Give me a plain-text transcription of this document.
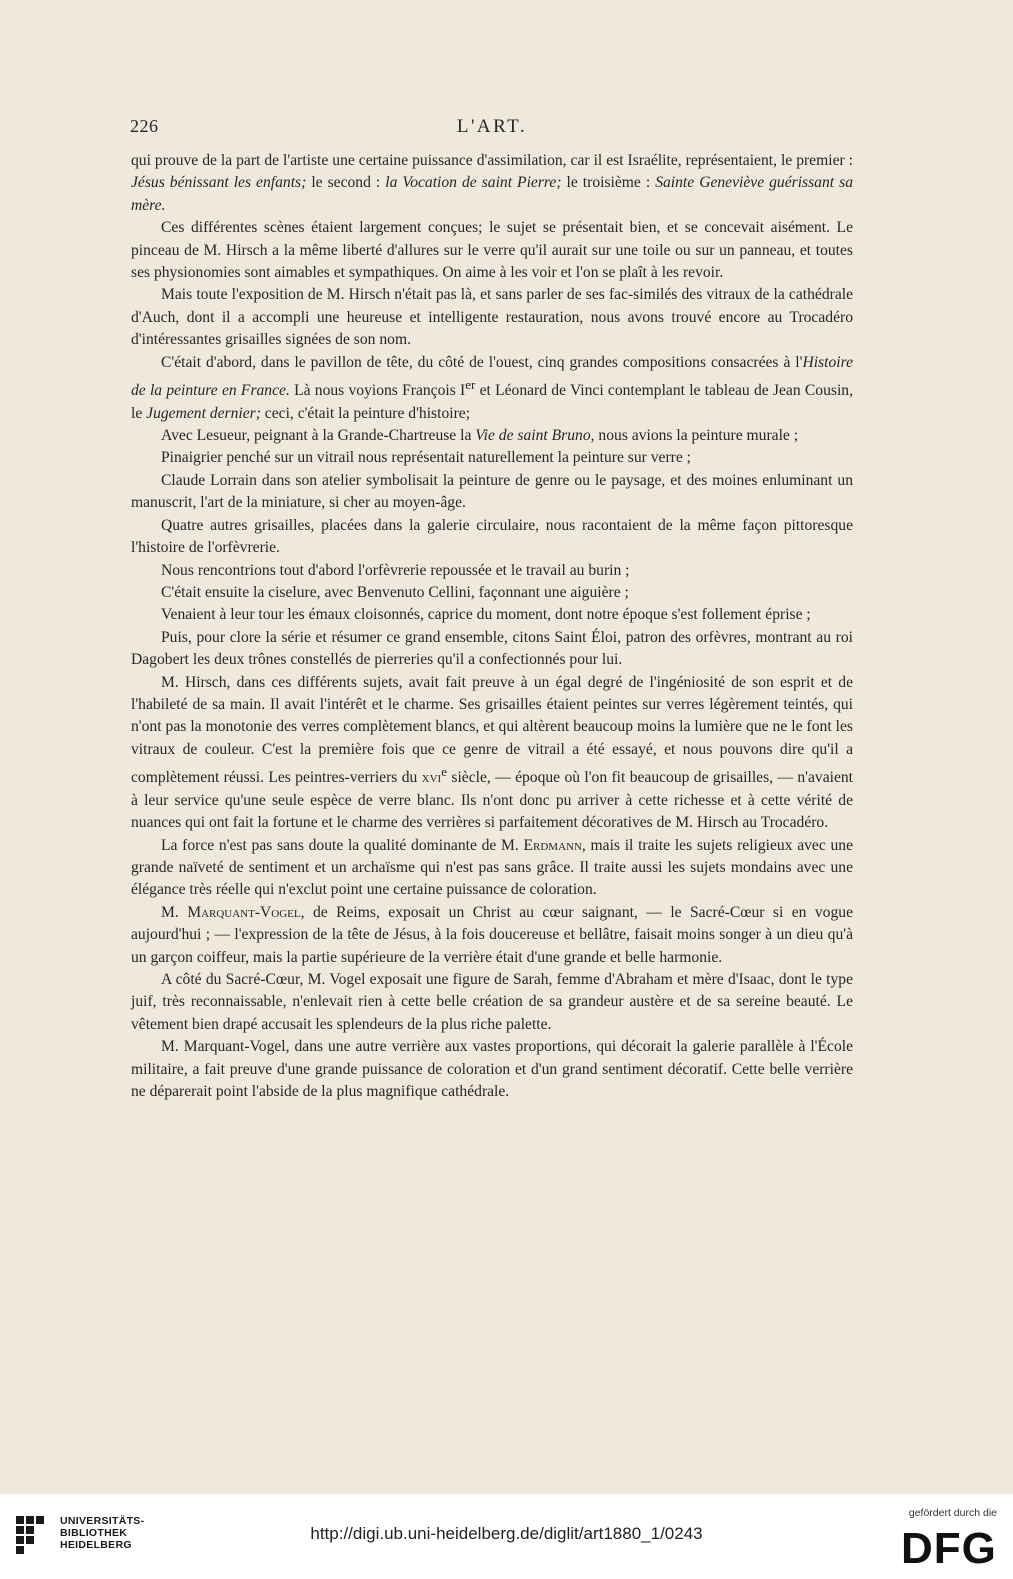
226	L'ART.

qui prouve de la part de l'artiste une certaine puissance d'assimilation, car il est Israélite, représentaient, le premier : Jésus bénissant les enfants; le second : la Vocation de saint Pierre; le troisième : Sainte Geneviève guérissant sa mère.

Ces différentes scènes étaient largement conçues; le sujet se présentait bien, et se concevait aisément. Le pinceau de M. Hirsch a la même liberté d'allures sur le verre qu'il aurait sur une toile ou sur un panneau, et toutes ses physionomies sont aimables et sympathiques. On aime à les voir et l'on se plaît à les revoir.

Mais toute l'exposition de M. Hirsch n'était pas là, et sans parler de ses fac-similés des vitraux de la cathédrale d'Auch, dont il a accompli une heureuse et intelligente restauration, nous avons trouvé encore au Trocadéro d'intéressantes grisailles signées de son nom.

C'était d'abord, dans le pavillon de tête, du côté de l'ouest, cinq grandes compositions consacrées à l'Histoire de la peinture en France. Là nous voyions François Ier et Léonard de Vinci contemplant le tableau de Jean Cousin, le Jugement dernier; ceci, c'était la peinture d'histoire;

Avec Lesueur, peignant à la Grande-Chartreuse la Vie de saint Bruno, nous avions la peinture murale ;

Pinaigrier penché sur un vitrail nous représentait naturellement la peinture sur verre ;

Claude Lorrain dans son atelier symbolisait la peinture de genre ou le paysage, et des moines enluminant un manuscrit, l'art de la miniature, si cher au moyen-âge.

Quatre autres grisailles, placées dans la galerie circulaire, nous racontaient de la même façon pittoresque l'histoire de l'orfèvrerie.

Nous rencontrions tout d'abord l'orfèvrerie repoussée et le travail au burin ;

C'était ensuite la ciselure, avec Benvenuto Cellini, façonnant une aiguière ;

Venaient à leur tour les émaux cloisonnés, caprice du moment, dont notre époque s'est follement éprise ;

Puis, pour clore la série et résumer ce grand ensemble, citons Saint Éloi, patron des orfèvres, montrant au roi Dagobert les deux trônes constellés de pierreries qu'il a confectionnés pour lui.

M. Hirsch, dans ces différents sujets, avait fait preuve à un égal degré de l'ingéniosité de son esprit et de l'habileté de sa main. Il avait l'intérêt et le charme. Ses grisailles étaient peintes sur verres légèrement teintés, qui n'ont pas la monotonie des verres complètement blancs, et qui altèrent beaucoup moins la lumière que ne le font les vitraux de couleur. C'est la première fois que ce genre de vitrail a été essayé, et nous pouvons dire qu'il a complètement réussi. Les peintres-verriers du xvi$^e$ siècle, — époque où l'on fit beaucoup de grisailles, — n'avaient à leur service qu'une seule espèce de verre blanc. Ils n'ont donc pu arriver à cette richesse et à cette vérité de nuances qui ont fait la fortune et le charme des verrières si parfaitement décoratives de M. Hirsch au Trocadéro.

La force n'est pas sans doute la qualité dominante de M. Erdmann, mais il traite les sujets religieux avec une grande naïveté de sentiment et un archaïsme qui n'est pas sans grâce. Il traite aussi les sujets mondains avec une élégance très réelle qui n'exclut point une certaine puissance de coloration.

M. Marquant-Vogel, de Reims, exposait un Christ au cœur saignant, — le Sacré-Cœur si en vogue aujourd'hui ; — l'expression de la tête de Jésus, à la fois doucereuse et bellâtre, faisait moins songer à un dieu qu'à un garçon coiffeur, mais la partie supérieure de la verrière était d'une grande et belle harmonie.

A côté du Sacré-Cœur, M. Vogel exposait une figure de Sarah, femme d'Abraham et mère d'Isaac, dont le type juif, très reconnaissable, n'enlevait rien à cette belle création de sa grandeur austère et de sa sereine beauté. Le vêtement bien drapé accusait les splendeurs de la plus riche palette.

M. Marquant-Vogel, dans une autre verrière aux vastes proportions, qui décorait la galerie parallèle à l'École militaire, a fait preuve d'une grande puissance de coloration et d'un grand sentiment décoratif. Cette belle verrière ne déparerait point l'abside de la plus magnifique cathédrale.

UNIVERSITÄTS-
BIBLIOTHEK
HEIDELBERG
http://digi.ub.uni-heidelberg.de/diglit/art1880_1/0243
gefördert durch die
DFG
